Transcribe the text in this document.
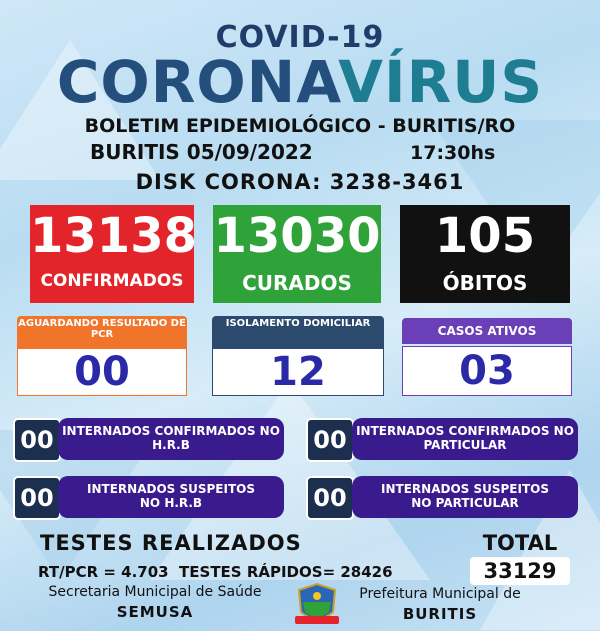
COVID-19
CORONAVÍRUS
BOLETIM EPIDEMIOLÓGICO - BURITIS/RO
BURITIS 05/09/2022	17:30hs
DISK CORONA: 3238-3461
13138
CONFIRMADOS
13030
CURADOS
105
ÓBITOS
AGUARDANDO RESULTADO DE PCR
00
ISOLAMENTO DOMICILIAR
12
CASOS ATIVOS
03
00 INTERNADOS CONFIRMADOS NO H.R.B	00 INTERNADOS CONFIRMADOS NO PARTICULAR
00	INTERNADOS SUSPEITOS NO H.R.B	00	INTERNADOS SUSPEITOS NO PARTICULAR
TESTES REALIZADOS
RT/PCR = 4.703  TESTES RÁPIDOS= 28426
TOTAL
33129
Secretaria Municipal de Saúde
SEMUSA
Prefeitura Municipal de
BURITIS
